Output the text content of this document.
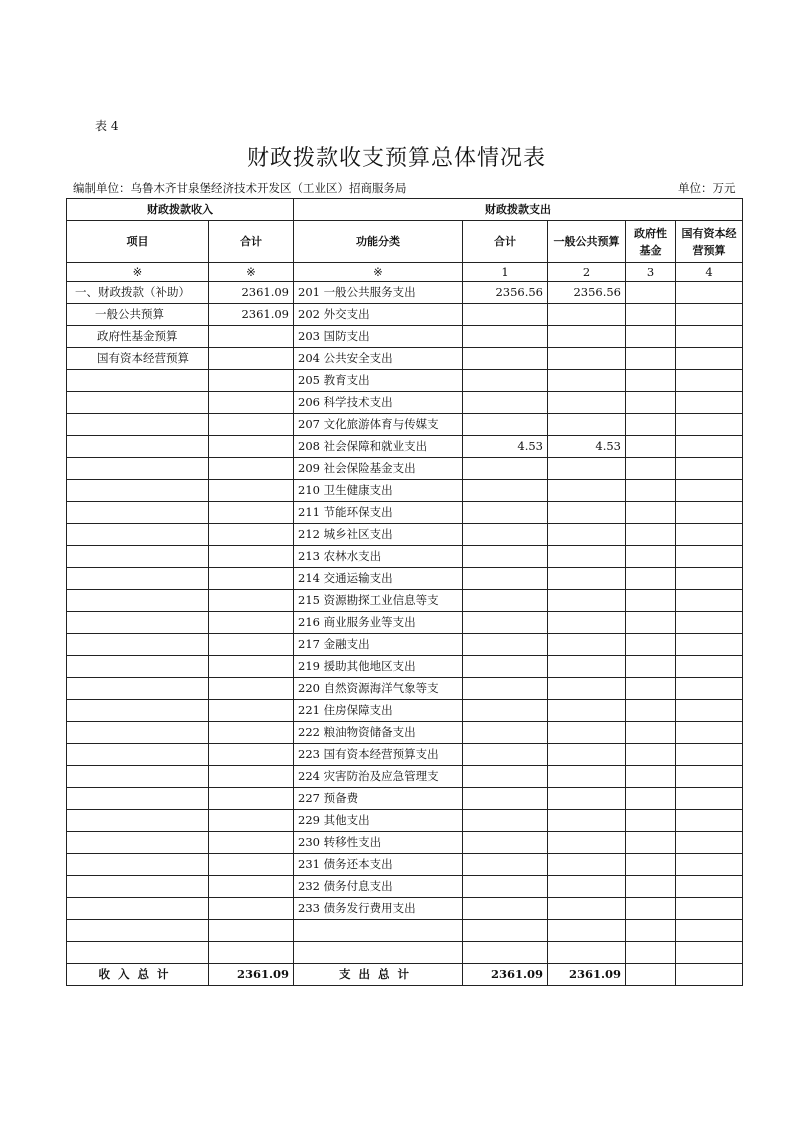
表 4
财政拨款收支预算总体情况表
编制单位：乌鲁木齐甘泉堡经济技术开发区（工业区）招商服务局	单位：万元
财政拨款收入		财政拨款支出				
项目	合计	功能分类	合计	一般公共预算	政府性基金	国有资本经营预算
※	※	※	1	2	3	4
一、财政拨款（补助）	2361.09	201 一般公共服务支出	2356.56	2356.56		
一般公共预算	2361.09	202 外交支出				
政府性基金预算		203 国防支出				
国有资本经营预算		204 公共安全支出				
		205 教育支出				
		206 科学技术支出				
		207 文化旅游体育与传媒支				
		208 社会保障和就业支出	4.53	4.53		
		209 社会保险基金支出				
		210 卫生健康支出				
		211 节能环保支出				
		212 城乡社区支出				
		213 农林水支出				
		214 交通运输支出				
		215 资源勘探工业信息等支				
		216 商业服务业等支出				
		217 金融支出				
		219 援助其他地区支出				
		220 自然资源海洋气象等支				
		221 住房保障支出				
		222 粮油物资储备支出				
		223 国有资本经营预算支出				
		224 灾害防治及应急管理支				
		227 预备费				
		229 其他支出				
		230 转移性支出				
		231 债务还本支出				
		232 债务付息支出				
		233 债务发行费用支出				

收入总计	2361.09	支出总计	2361.09	2361.09		
